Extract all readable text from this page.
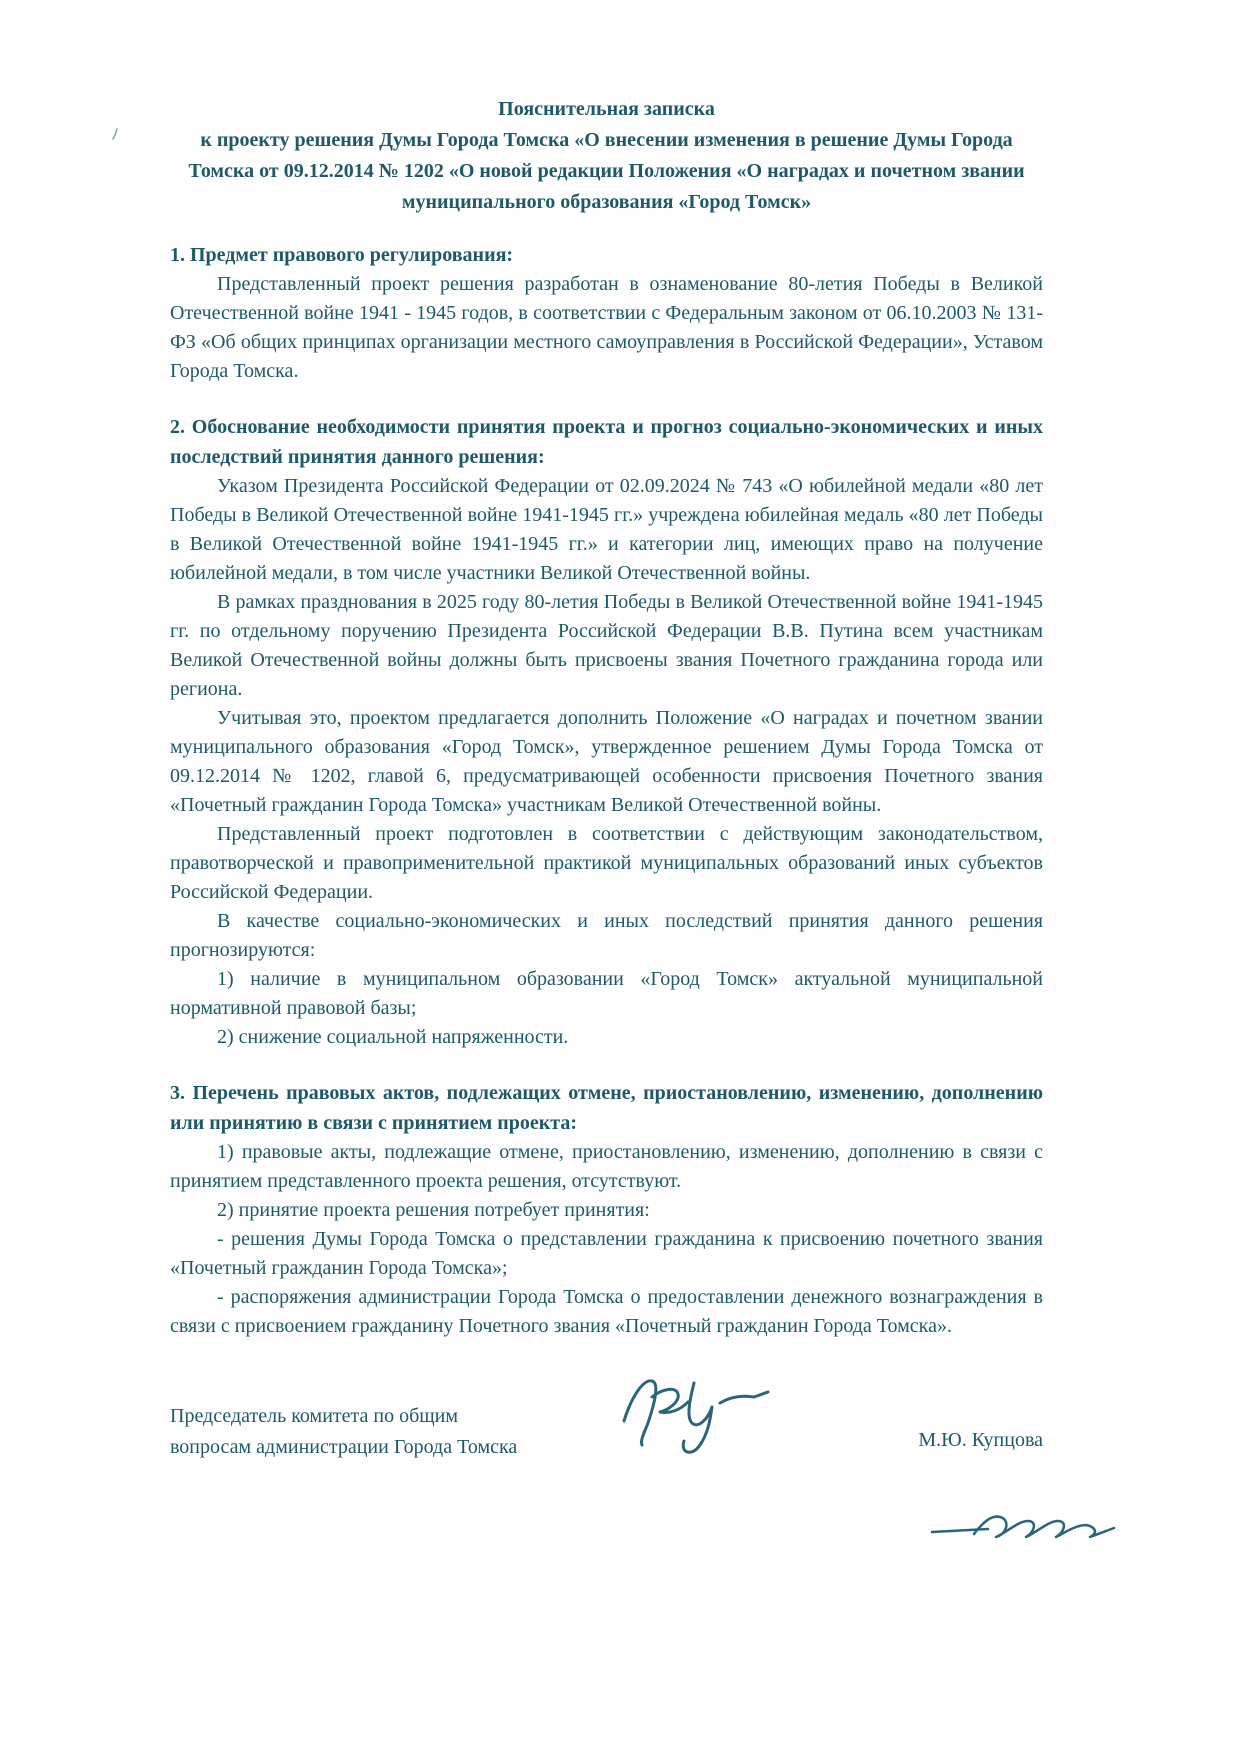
Пояснительная записка

к проекту решения Думы Города Томска «О внесении изменения в решение Думы Города Томска от 09.12.2014 № 1202 «О новой редакции Положения «О наградах и почетном звании муниципального образования «Город Томск»

1. Предмет правового регулирования:

Представленный проект решения разработан в ознаменование 80-летия Победы в Великой Отечественной войне 1941 - 1945 годов, в соответствии с Федеральным законом от 06.10.2003 № 131-ФЗ «Об общих принципах организации местного самоуправления в Российской Федерации», Уставом Города Томска.

2. Обоснование необходимости принятия проекта и прогноз социально-экономических и иных последствий принятия данного решения:

Указом Президента Российской Федерации от 02.09.2024 № 743 «О юбилейной медали «80 лет Победы в Великой Отечественной войне 1941-1945 гг.» учреждена юбилейная медаль «80 лет Победы в Великой Отечественной войне 1941-1945 гг.» и категории лиц, имеющих право на получение юбилейной медали, в том числе участники Великой Отечественной войны.

В рамках празднования в 2025 году 80-летия Победы в Великой Отечественной войне 1941-1945 гг. по отдельному поручению Президента Российской Федерации В.В. Путина всем участникам Великой Отечественной войны должны быть присвоены звания Почетного гражданина города или региона.

Учитывая это, проектом предлагается дополнить Положение «О наградах и почетном звании муниципального образования «Город Томск», утвержденное решением Думы Города Томска от 09.12.2014 № 1202, главой 6, предусматривающей особенности присвоения Почетного звания «Почетный гражданин Города Томска» участникам Великой Отечественной войны.

Представленный проект подготовлен в соответствии с действующим законодательством, правотворческой и правоприменительной практикой муниципальных образований иных субъектов Российской Федерации.

В качестве социально-экономических и иных последствий принятия данного решения прогнозируются:

1) наличие в муниципальном образовании «Город Томск» актуальной муниципальной нормативной правовой базы;

2) снижение социальной напряженности.

3. Перечень правовых актов, подлежащих отмене, приостановлению, изменению, дополнению или принятию в связи с принятием проекта:

1) правовые акты, подлежащие отмене, приостановлению, изменению, дополнению в связи с принятием представленного проекта решения, отсутствуют.

2) принятие проекта решения потребует принятия:

- решения Думы Города Томска о представлении гражданина к присвоению почетного звания «Почетный гражданин Города Томска»;

- распоряжения администрации Города Томска о предоставлении денежного вознаграждения в связи с присвоением гражданину Почетного звания «Почетный гражданин Города Томска».

Председатель комитета по общим
вопросам администрации Города Томска	М.Ю. Купцова
